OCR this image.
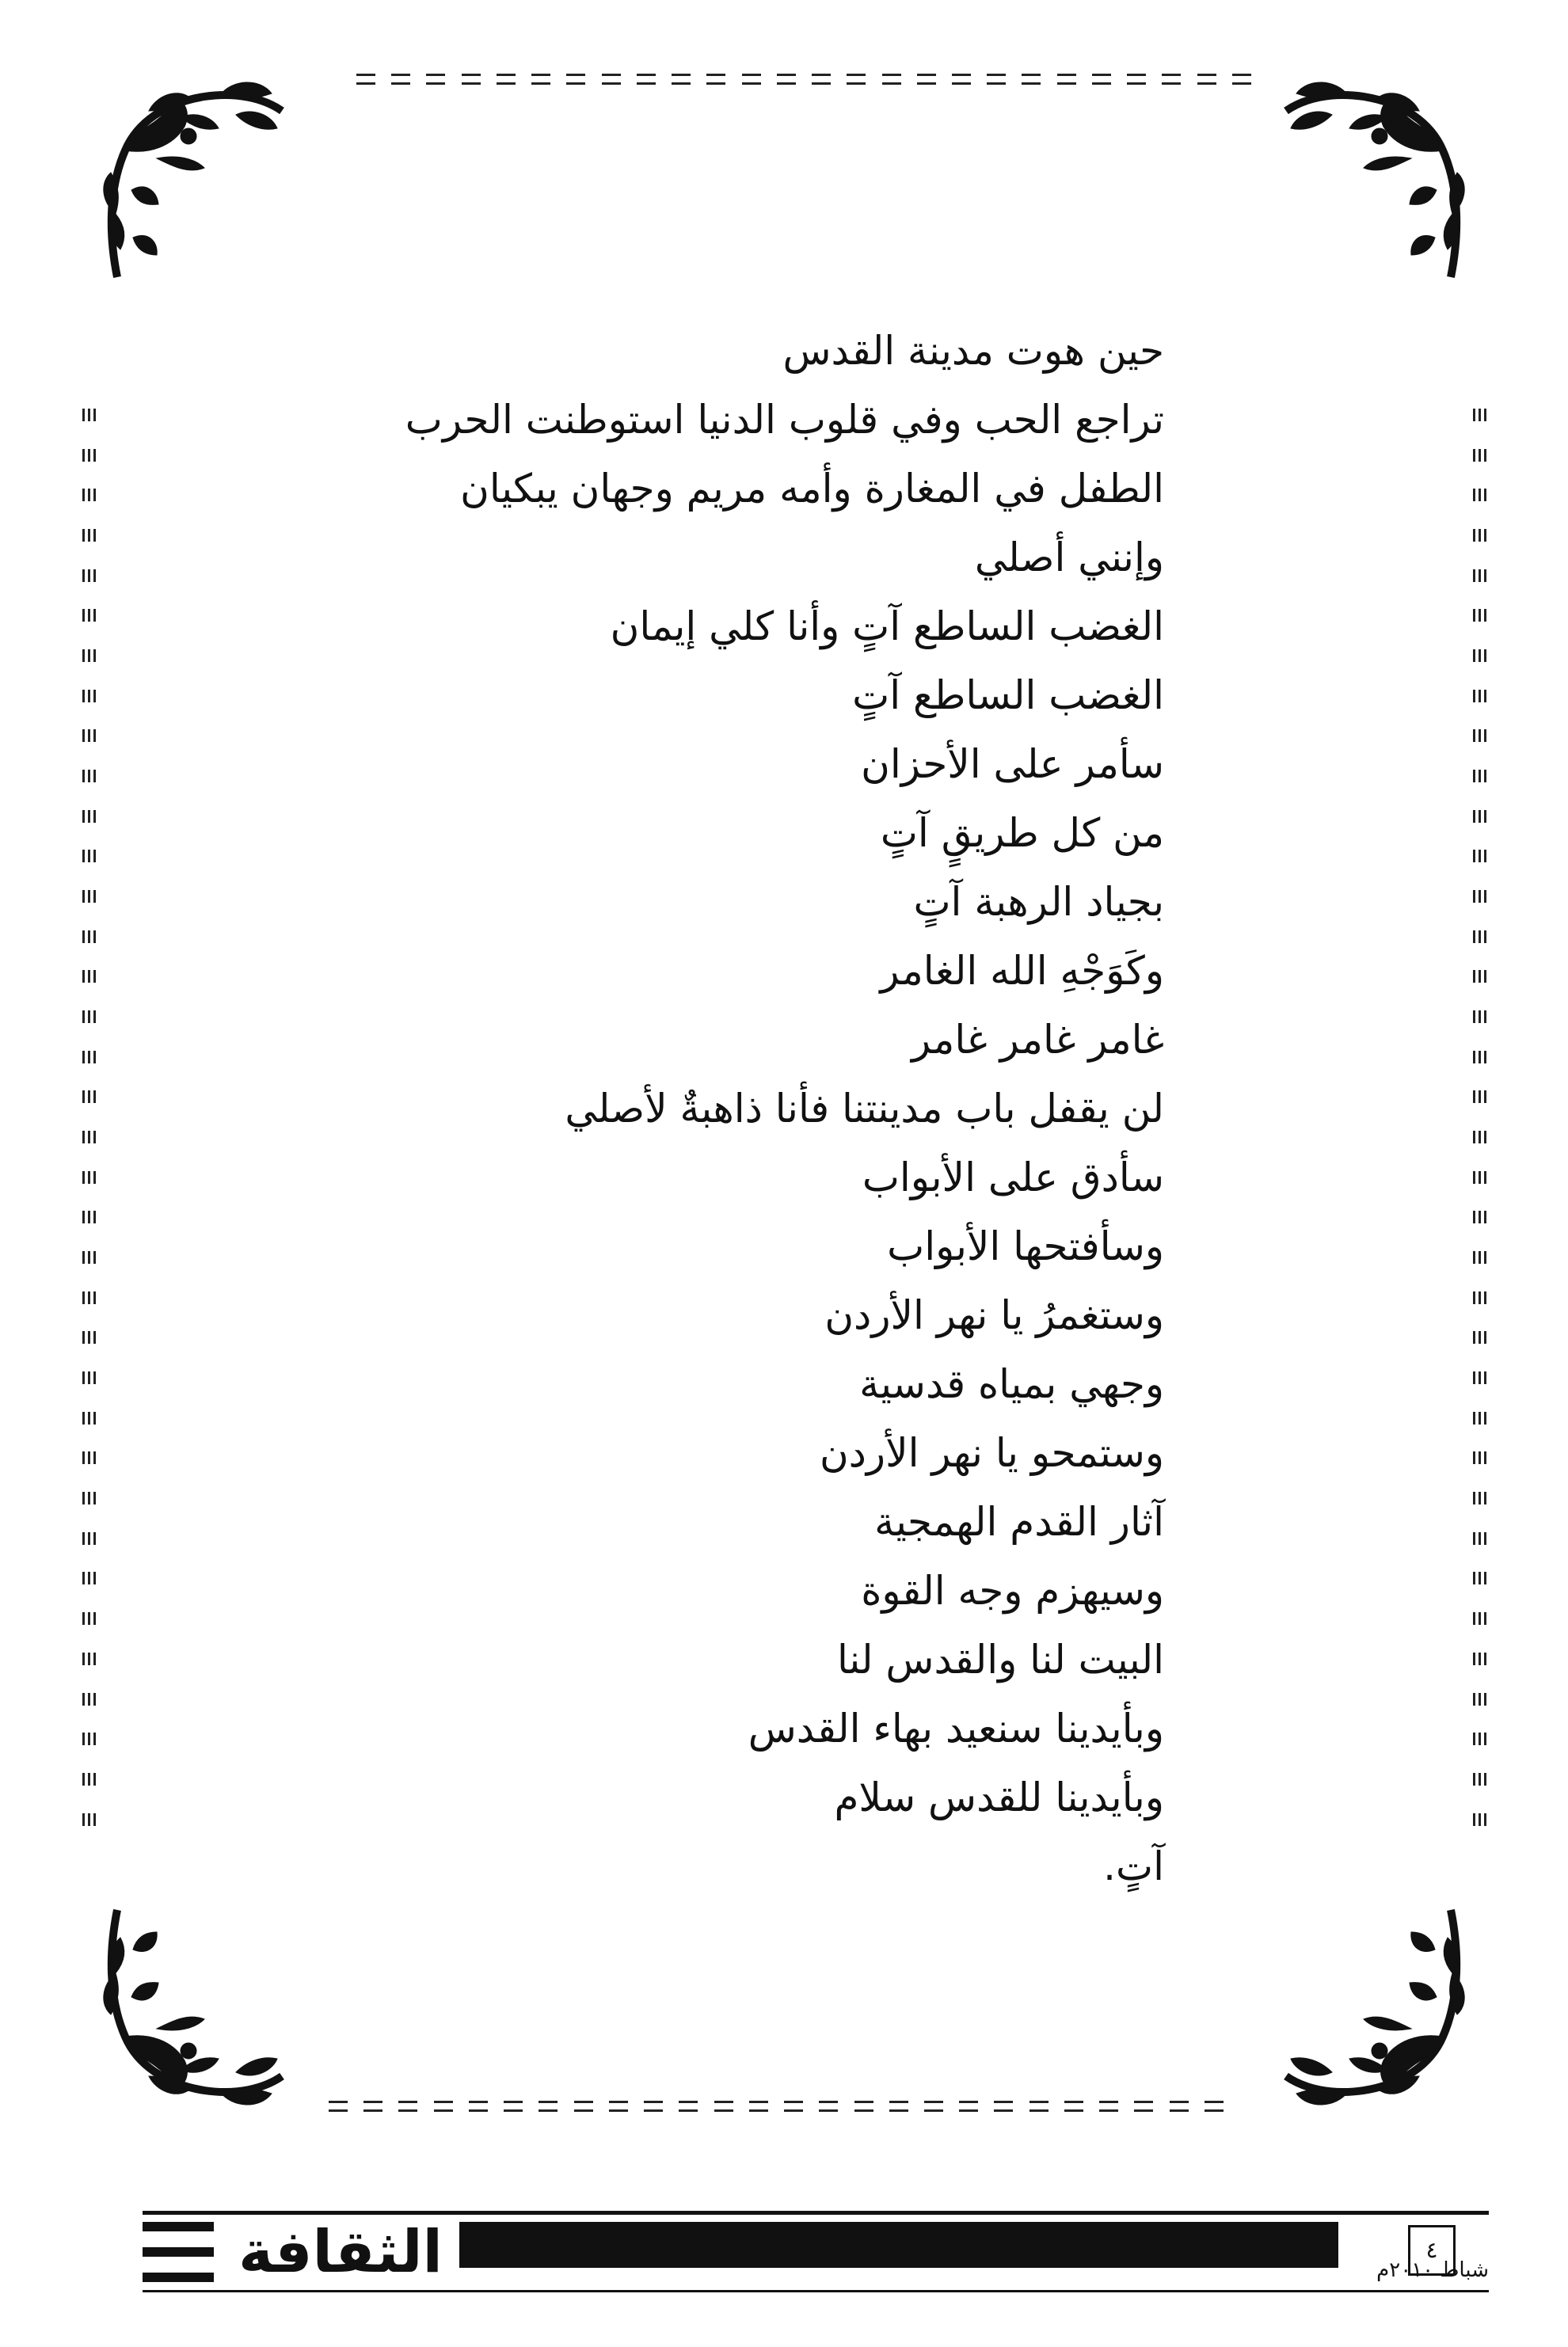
حين هوت مدينة القدس
تراجع الحب وفي قلوب الدنيا استوطنت الحرب
الطفل في المغارة وأمه مريم وجهان يبكيان
وإنني أصلي
الغضب الساطع آتٍ وأنا كلي إيمان
الغضب الساطع آتٍ
سأمر على الأحزان
من كل طريقٍ آتٍ
بجياد الرهبة آتٍ
وكَوَجْهِ الله الغامر
غامر غامر غامر
لن يقفل باب مدينتنا فأنا ذاهبةٌ لأصلي
سأدق على الأبواب
وسأفتحها الأبواب
وستغمرُ يا نهر الأردن
وجهي بمياه قدسية
وستمحو يا نهر الأردن
آثار القدم الهمجية
وسيهزم وجه القوة
البيت لنا والقدس لنا
وبأيدينا سنعيد بهاء القدس
وبأيدينا للقدس سلام
آتٍ.
الثقافة	شباط ٢٠١٠م
٤
